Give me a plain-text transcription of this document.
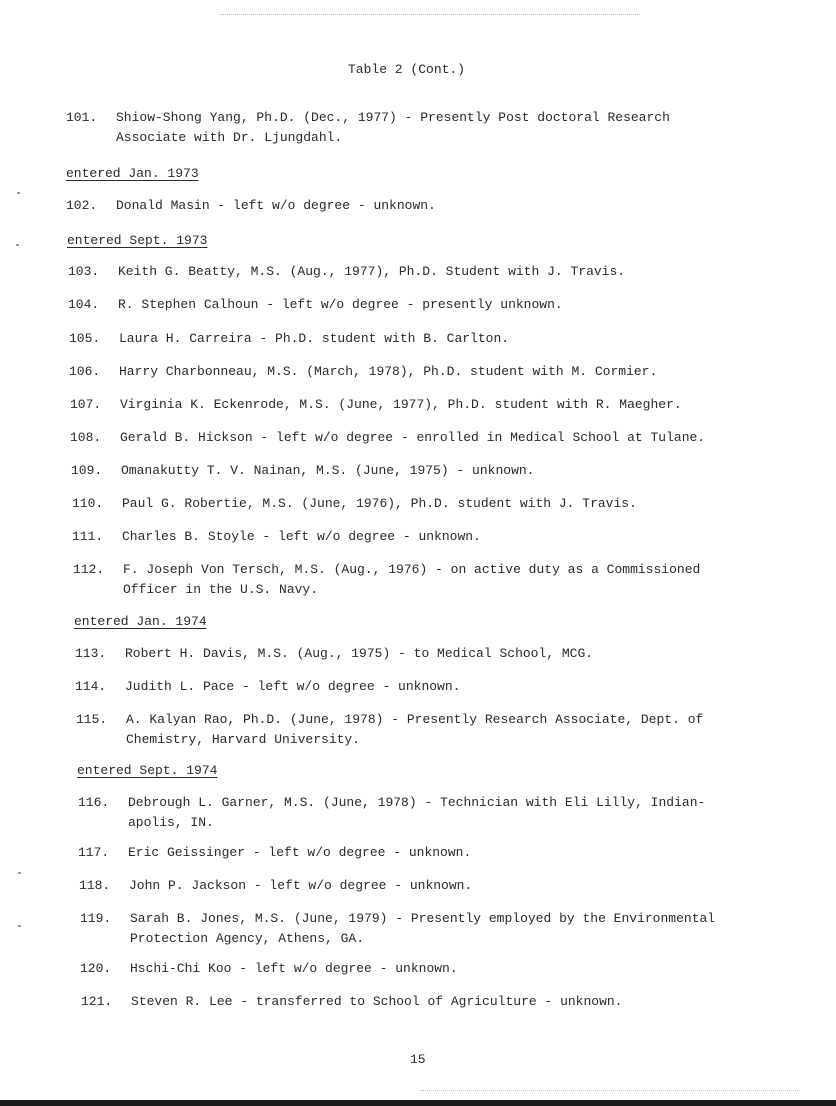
Table 2 (Cont.)
101. Shiow-Shong Yang, Ph.D. (Dec., 1977) - Presently Post doctoral Research
Associate with Dr. Ljungdahl.
entered Jan. 1973
102. Donald Masin - left w/o degree - unknown.
entered Sept. 1973
103. Keith G. Beatty, M.S. (Aug., 1977), Ph.D. Student with J. Travis.
104. R. Stephen Calhoun - left w/o degree - presently unknown.
105. Laura H. Carreira - Ph.D. student with B. Carlton.
106. Harry Charbonneau, M.S. (March, 1978), Ph.D. student with M. Cormier.
107. Virginia K. Eckenrode, M.S. (June, 1977), Ph.D. student with R. Maegher.
108. Gerald B. Hickson - left w/o degree - enrolled in Medical School at Tulane.
109. Omanakutty T. V. Nainan, M.S. (June, 1975) - unknown.
110. Paul G. Robertie, M.S. (June, 1976), Ph.D. student with J. Travis.
111. Charles B. Stoyle - left w/o degree - unknown.
112. F. Joseph Von Tersch, M.S. (Aug., 1976) - on active duty as a Commissioned
Officer in the U.S. Navy.
entered Jan. 1974
113. Robert H. Davis, M.S. (Aug., 1975) - to Medical School, MCG.
114. Judith L. Pace - left w/o degree - unknown.
115. A. Kalyan Rao, Ph.D. (June, 1978) - Presently Research Associate, Dept. of
Chemistry, Harvard University.
entered Sept. 1974
116. Debrough L. Garner, M.S. (June, 1978) - Technician with Eli Lilly, Indian-
apolis, IN.
117. Eric Geissinger - left w/o degree - unknown.
118. John P. Jackson - left w/o degree - unknown.
119. Sarah B. Jones, M.S. (June, 1979) - Presently employed by the Environmental
Protection Agency, Athens, GA.
120. Hschi-Chi Koo - left w/o degree - unknown.
121. Steven R. Lee - transferred to School of Agriculture - unknown.
15
